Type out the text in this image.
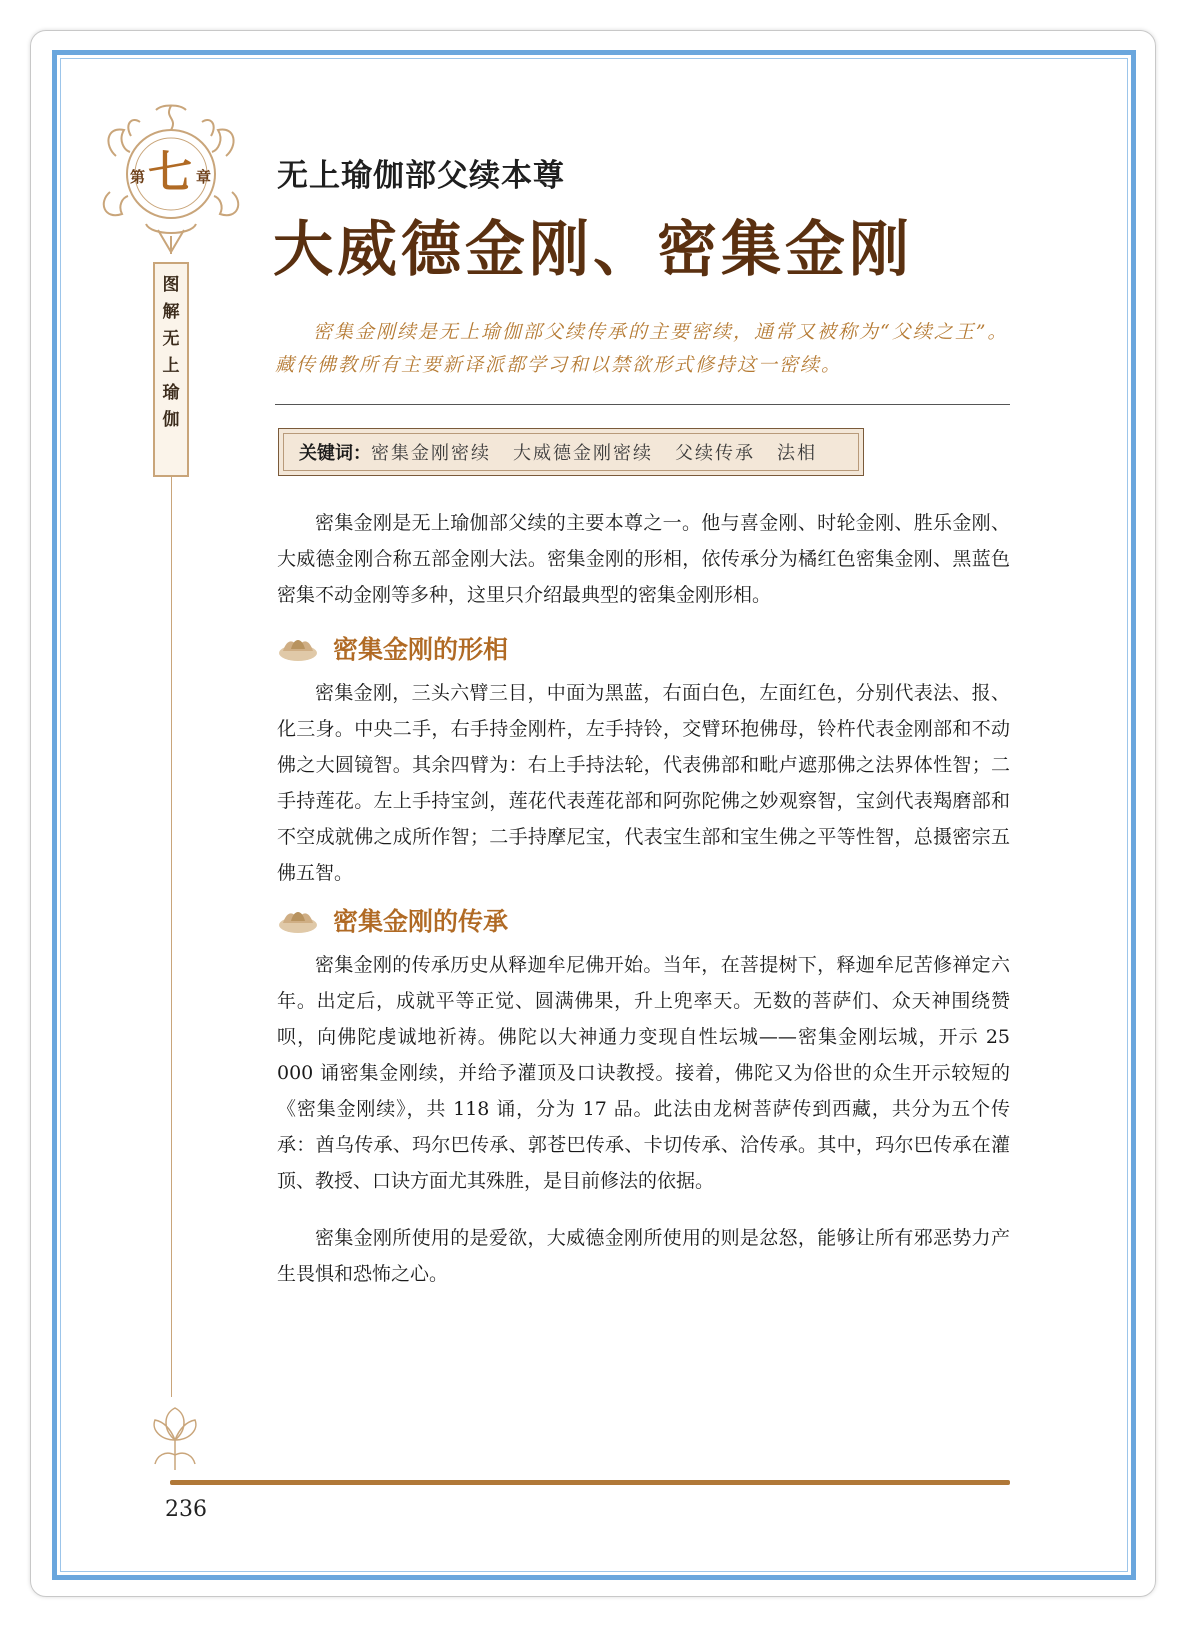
第 七 章
图
解
无
上
瑜
伽
无上瑜伽部父续本尊
大威德金刚、密集金刚

密集金刚续是无上瑜伽部父续传承的主要密续，通常又被称为“父续之王”。藏传佛教所有主要新译派都学习和以禁欲形式修持这一密续。

关键词： 密集金刚密续 大威德金刚密续 父续传承 法相

密集金刚是无上瑜伽部父续的主要本尊之一。他与喜金刚、时轮金刚、胜乐金刚、大威德金刚合称五部金刚大法。密集金刚的形相，依传承分为橘红色密集金刚、黑蓝色密集不动金刚等多种，这里只介绍最典型的密集金刚形相。

密集金刚的形相

密集金刚，三头六臂三目，中面为黑蓝，右面白色，左面红色，分别代表法、报、化三身。中央二手，右手持金刚杵，左手持铃，交臂环抱佛母，铃杵代表金刚部和不动佛之大圆镜智。其余四臂为：右上手持法轮，代表佛部和毗卢遮那佛之法界体性智；二手持莲花。左上手持宝剑，莲花代表莲花部和阿弥陀佛之妙观察智，宝剑代表羯磨部和不空成就佛之成所作智；二手持摩尼宝，代表宝生部和宝生佛之平等性智，总摄密宗五佛五智。

密集金刚的传承

密集金刚的传承历史从释迦牟尼佛开始。当年，在菩提树下，释迦牟尼苦修禅定六年。出定后，成就平等正觉、圆满佛果，升上兜率天。无数的菩萨们、众天神围绕赞呗，向佛陀虔诚地祈祷。佛陀以大神通力变现自性坛城——密集金刚坛城，开示 25 000 诵密集金刚续，并给予灌顶及口诀教授。接着，佛陀又为俗世的众生开示较短的《密集金刚续》，共 118 诵，分为 17 品。此法由龙树菩萨传到西藏，共分为五个传承：酋乌传承、玛尔巴传承、郭苍巴传承、卡切传承、洽传承。其中，玛尔巴传承在灌顶、教授、口诀方面尤其殊胜，是目前修法的依据。

密集金刚所使用的是爱欲，大威德金刚所使用的则是忿怒，能够让所有邪恶势力产生畏惧和恐怖之心。

236
